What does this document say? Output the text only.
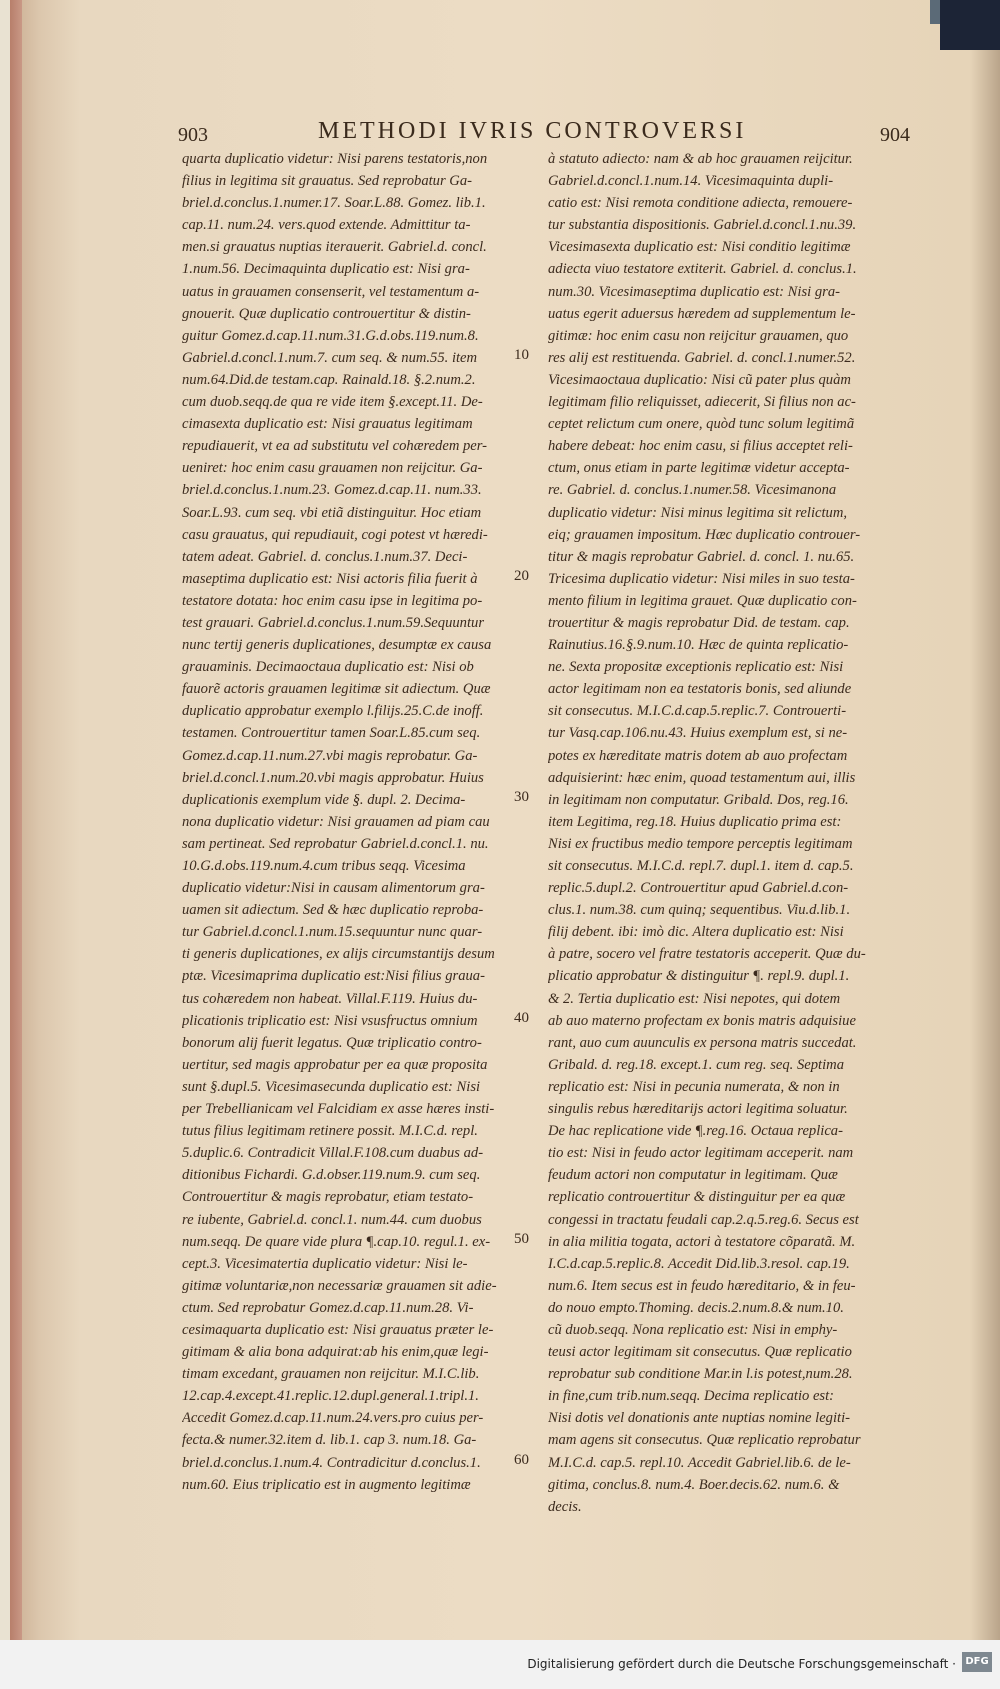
903	METHODI IVRIS CONTROVERSI	904
quarta duplicatio videtur: Nisi parens testatoris,non
filius in legitima sit grauatus. Sed reprobatur Ga-
briel.d.conclus.1.numer.17. Soar.L.88. Gomez. lib.1.
cap.11. num.24. vers.quod extende. Admittitur ta-
men.si grauatus nuptias iterauerit. Gabriel.d. concl.
1.num.56. Decimaquinta duplicatio est: Nisi gra-
uatus in grauamen consenserit, vel testamentum a-
gnouerit. Quæ duplicatio controuertitur & distin-
guitur Gomez.d.cap.11.num.31.G.d.obs.119.num.8.
Gabriel.d.concl.1.num.7. cum seq. & num.55. item
num.64.Did.de testam.cap. Rainald.18. §.2.num.2.
cum duob.seqq.de qua re vide item §.except.11. De-
cimasexta duplicatio est: Nisi grauatus legitimam
repudiauerit, vt ea ad substitutu vel cohæredem per-
ueniret: hoc enim casu grauamen non reijcitur. Ga-
briel.d.conclus.1.num.23. Gomez.d.cap.11. num.33.
Soar.L.93. cum seq. vbi etiã distinguitur. Hoc etiam
casu grauatus, qui repudiauit, cogi potest vt hæredi-
tatem adeat. Gabriel. d. conclus.1.num.37. Deci-
maseptima duplicatio est: Nisi actoris filia fuerit à
testatore dotata: hoc enim casu ipse in legitima po-
test grauari. Gabriel.d.conclus.1.num.59.Sequuntur
nunc tertij generis duplicationes, desumptæ ex causa
grauaminis. Decimaoctaua duplicatio est: Nisi ob
fauorẽ actoris grauamen legitimæ sit adiectum. Quæ
duplicatio approbatur exemplo l.filijs.25.C.de inoff.
testamen. Controuertitur tamen Soar.L.85.cum seq.
Gomez.d.cap.11.num.27.vbi magis reprobatur. Ga-
briel.d.concl.1.num.20.vbi magis approbatur. Huius
duplicationis exemplum vide §. dupl. 2. Decima-
nona duplicatio videtur: Nisi grauamen ad piam cau
sam pertineat. Sed reprobatur Gabriel.d.concl.1. nu.
10.G.d.obs.119.num.4.cum tribus seqq. Vicesima
duplicatio videtur:Nisi in causam alimentorum gra-
uamen sit adiectum. Sed & hæc duplicatio reproba-
tur Gabriel.d.concl.1.num.15.sequuntur nunc quar-
ti generis duplicationes, ex alijs circumstantijs desum
ptæ. Vicesimaprima duplicatio est:Nisi filius graua-
tus cohæredem non habeat. Villal.F.119. Huius du-
plicationis triplicatio est: Nisi vsusfructus omnium
bonorum alij fuerit legatus. Quæ triplicatio contro-
uertitur, sed magis approbatur per ea quæ proposita
sunt §.dupl.5. Vicesimasecunda duplicatio est: Nisi
per Trebellianicam vel Falcidiam ex asse hæres insti-
tutus filius legitimam retinere possit. M.I.C.d. repl.
5.duplic.6. Contradicit Villal.F.108.cum duabus ad-
ditionibus Fichardi. G.d.obser.119.num.9. cum seq.
Controuertitur & magis reprobatur, etiam testato-
re iubente, Gabriel.d. concl.1. num.44. cum duobus
num.seqq. De quare vide plura ¶.cap.10. regul.1. ex-
cept.3. Vicesimatertia duplicatio videtur: Nisi le-
gitimæ voluntariæ,non necessariæ grauamen sit adie-
ctum. Sed reprobatur Gomez.d.cap.11.num.28. Vi-
cesimaquarta duplicatio est: Nisi grauatus præter le-
gitimam & alia bona adquirat:ab his enim,quæ legi-
timam excedant, grauamen non reijcitur. M.I.C.lib.
12.cap.4.except.41.replic.12.dupl.general.1.tripl.1.
Accedit Gomez.d.cap.11.num.24.vers.pro cuius per-
fecta.& numer.32.item d. lib.1. cap 3. num.18. Ga-
briel.d.conclus.1.num.4. Contradicitur d.conclus.1.
num.60. Eius triplicatio est in augmento legitimæ
10
20
30
40
50
60
à statuto adiecto: nam & ab hoc grauamen reijcitur.
Gabriel.d.concl.1.num.14. Vicesimaquinta dupli-
catio est: Nisi remota conditione adiecta, remouere-
tur substantia dispositionis. Gabriel.d.concl.1.nu.39.
Vicesimasexta duplicatio est: Nisi conditio legitimæ
adiecta viuo testatore extiterit. Gabriel. d. conclus.1.
num.30. Vicesimaseptima duplicatio est: Nisi gra-
uatus egerit aduersus hæredem ad supplementum le-
gitimæ: hoc enim casu non reijcitur grauamen, quo
res alij est restituenda. Gabriel. d. concl.1.numer.52.
Vicesimaoctaua duplicatio: Nisi cũ pater plus quàm
legitimam filio reliquisset, adiecerit, Si filius non ac-
ceptet relictum cum onere, quòd tunc solum legitimã
habere debeat: hoc enim casu, si filius acceptet reli-
ctum, onus etiam in parte legitimæ videtur accepta-
re. Gabriel. d. conclus.1.numer.58. Vicesimanona
duplicatio videtur: Nisi minus legitima sit relictum,
eiq; grauamen impositum. Hæc duplicatio controuer-
titur & magis reprobatur Gabriel. d. concl. 1. nu.65.
Tricesima duplicatio videtur: Nisi miles in suo testa-
mento filium in legitima grauet. Quæ duplicatio con-
trouertitur & magis reprobatur Did. de testam. cap.
Rainutius.16.§.9.num.10. Hæc de quinta replicatio-
ne. Sexta propositæ exceptionis replicatio est: Nisi
actor legitimam non ea testatoris bonis, sed aliunde
sit consecutus. M.I.C.d.cap.5.replic.7. Controuerti-
tur Vasq.cap.106.nu.43. Huius exemplum est, si ne-
potes ex hæreditate matris dotem ab auo profectam
adquisierint: hæc enim, quoad testamentum aui, illis
in legitimam non computatur. Gribald. Dos, reg.16.
item Legitima, reg.18. Huius duplicatio prima est:
Nisi ex fructibus medio tempore perceptis legitimam
sit consecutus. M.I.C.d. repl.7. dupl.1. item d. cap.5.
replic.5.dupl.2. Controuertitur apud Gabriel.d.con-
clus.1. num.38. cum quinq; sequentibus. Viu.d.lib.1.
filij debent. ibi: imò dic. Altera duplicatio est: Nisi
à patre, socero vel fratre testatoris acceperit. Quæ du-
plicatio approbatur & distinguitur ¶. repl.9. dupl.1.
& 2. Tertia duplicatio est: Nisi nepotes, qui dotem
ab auo materno profectam ex bonis matris adquisiue
rant, auo cum auunculis ex persona matris succedat.
Gribald. d. reg.18. except.1. cum reg. seq. Septima
replicatio est: Nisi in pecunia numerata, & non in
singulis rebus hæreditarijs actori legitima soluatur.
De hac replicatione vide ¶.reg.16. Octaua replica-
tio est: Nisi in feudo actor legitimam acceperit. nam
feudum actori non computatur in legitimam. Quæ
replicatio controuertitur & distinguitur per ea quæ
congessi in tractatu feudali cap.2.q.5.reg.6. Secus est
in alia militia togata, actori à testatore cõparatã. M.
I.C.d.cap.5.replic.8. Accedit Did.lib.3.resol. cap.19.
num.6. Item secus est in feudo hæreditario, & in feu-
do nouo empto.Thoming. decis.2.num.8.& num.10.
cũ duob.seqq. Nona replicatio est: Nisi in emphy-
teusi actor legitimam sit consecutus. Quæ replicatio
reprobatur sub conditione Mar.in l.is potest,num.28.
in fine,cum trib.num.seqq. Decima replicatio est:
Nisi dotis vel donationis ante nuptias nomine legiti-
mam agens sit consecutus. Quæ replicatio reprobatur
M.I.C.d. cap.5. repl.10. Accedit Gabriel.lib.6. de le-
gitima, conclus.8. num.4. Boer.decis.62. num.6. &
decis.
Digitalisierung gefördert durch die Deutsche Forschungsgemeinschaft · DFG
